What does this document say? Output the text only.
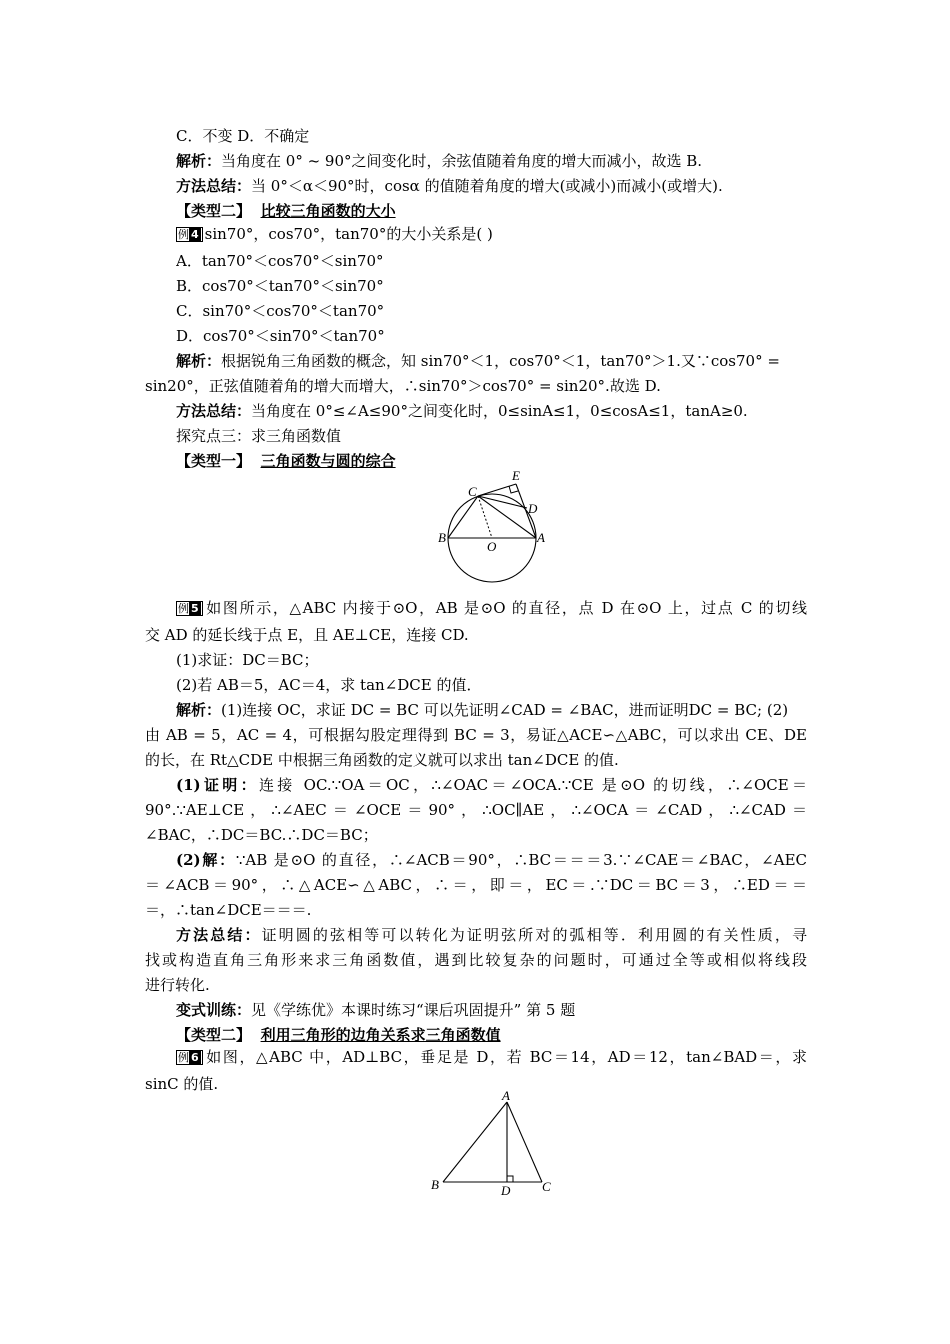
C．不变 D．不确定
解析：当角度在 0° ~ 90°之间变化时，余弦值随着角度的增大而减小，故选 B.
方法总结：当 0°＜α＜90°时，cosα 的值随着角度的增大(或减小)而减小(或增大).
【类型二】 比较三角函数的大小
例 4 sin70°，cos70°，tan70°的大小关系是( )
A．tan70°＜cos70°＜sin70°
B．cos70°＜tan70°＜sin70°
C．sin70°＜cos70°＜tan70°
D．cos70°＜sin70°＜tan70°
解析：根据锐角三角函数的概念，知 sin70°＜1，cos70°＜1，tan70°＞1.又∵cos70° =
sin20°，正弦值随着角的增大而增大，∴sin70°＞cos70° = sin20°.故选 D.
方法总结：当角度在 0°≤∠A≤90°之间变化时，0≤sinA≤1，0≤cosA≤1，tanA≥0.
探究点三：求三角函数值
【类型一】 三角函数与圆的综合
E
C
D
B
O
A
例 5 如图所示，△ABC 内接于⊙O，AB 是⊙O 的直径，点 D 在⊙O 上，过点 C 的切线
交 AD 的延长线于点 E，且 AE⊥CE，连接 CD.
(1)求证：DC＝BC；
(2)若 AB＝5，AC＝4，求 tan∠DCE 的值．
解析：(1)连接 OC，求证 DC = BC 可以先证明∠CAD = ∠BAC，进而证明DC = BC; (2)
由 AB = 5，AC = 4，可根据勾股定理得到 BC = 3，易证△ACE∽△ABC，可以求出 CE、DE
的长，在 Rt△CDE 中根据三角函数的定义就可以求出 tan∠DCE 的值.
(1)证明：连接 OC.∵OA＝OC，∴∠OAC＝∠OCA.∵CE 是⊙O 的切线，∴∠OCE＝
90°.∵AE⊥CE，∴∠AEC＝∠OCE＝90°，∴OC∥AE，∴∠OCA＝∠CAD，∴∠CAD＝
∠BAC，∴DC＝BC.∴DC＝BC；
(2)解：∵AB 是⊙O 的直径，∴∠ACB＝90°，∴BC＝＝＝3.∵∠CAE＝∠BAC，∠AEC
＝∠ACB＝90°，∴△ACE∽△ABC，∴＝，即＝，EC＝.∵DC＝BC＝3，∴ED＝＝
＝，∴tan∠DCE＝＝＝.
方法总结：证明圆的弦相等可以转化为证明弦所对的弧相等．利用圆的有关性质，寻
找或构造直角三角形来求三角函数值，遇到比较复杂的问题时，可通过全等或相似将线段
进行转化.
变式训练：见《学练优》本课时练习“课后巩固提升” 第 5 题
【类型二】 利用三角形的边角关系求三角函数值
例 6 如图，△ABC 中，AD⊥BC，垂足是 D，若 BC＝14，AD＝12，tan∠BAD＝，求
sinC 的值.
A
B	D C
